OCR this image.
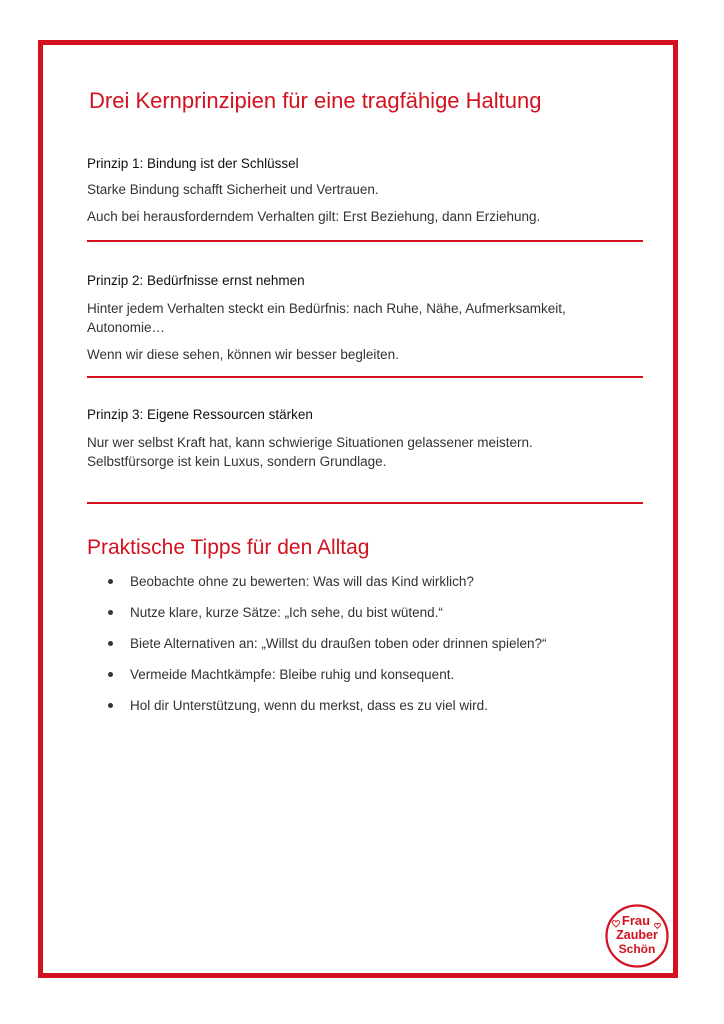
Drei Kernprinzipien für eine tragfähige Haltung

Prinzip 1: Bindung ist der Schlüssel

Starke Bindung schafft Sicherheit und Vertrauen.

Auch bei herausforderndem Verhalten gilt: Erst Beziehung, dann Erziehung.

Prinzip 2: Bedürfnisse ernst nehmen

Hinter jedem Verhalten steckt ein Bedürfnis: nach Ruhe, Nähe, Aufmerksamkeit,

Autonomie…

Wenn wir diese sehen, können wir besser begleiten.

Prinzip 3: Eigene Ressourcen stärken

Nur wer selbst Kraft hat, kann schwierige Situationen gelassener meistern.

Selbstfürsorge ist kein Luxus, sondern Grundlage.

Praktische Tipps für den Alltag
Beobachte ohne zu bewerten: Was will das Kind wirklich?
Nutze klare, kurze Sätze: „Ich sehe, du bist wütend.“
Biete Alternativen an: „Willst du draußen toben oder drinnen spielen?“
Vermeide Machtkämpfe: Bleibe ruhig und konsequent.
Hol dir Unterstützung, wenn du merkst, dass es zu viel wird.
Frau
Zauber
Schön
